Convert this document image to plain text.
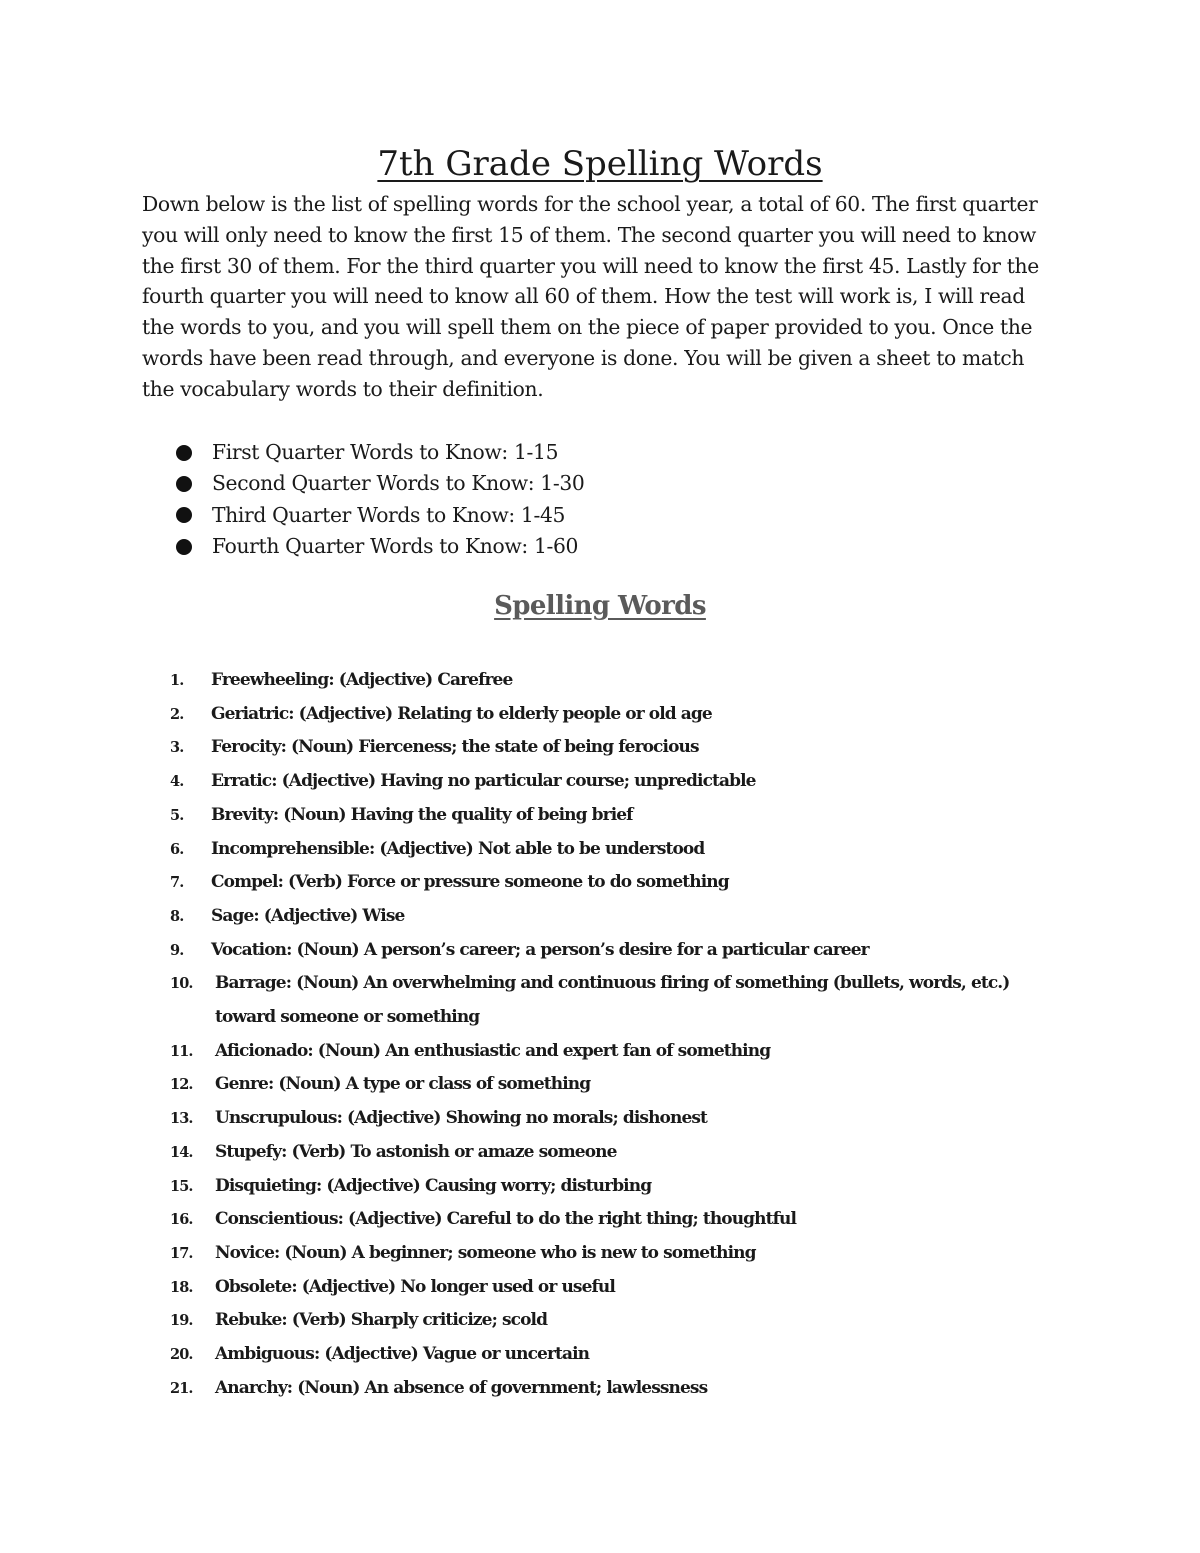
7th Grade Spelling Words

Down below is the list of spelling words for the school year, a total of 60. The first quarter you will only need to know the first 15 of them. The second quarter you will need to know the first 30 of them. For the third quarter you will need to know the first 45. Lastly for the fourth quarter you will need to know all 60 of them. How the test will work is, I will read the words to you, and you will spell them on the piece of paper provided to you. Once the words have been read through, and everyone is done. You will be given a sheet to match the vocabulary words to their definition.

First Quarter Words to Know: 1-15
Second Quarter Words to Know: 1-30
Third Quarter Words to Know: 1-45
Fourth Quarter Words to Know: 1-60
Spelling Words
1.	Freewheeling: (Adjective) Carefree
2.	Geriatric: (Adjective) Relating to elderly people or old age
3.	Ferocity: (Noun) Fierceness; the state of being ferocious
4.	Erratic: (Adjective) Having no particular course; unpredictable
5.	Brevity: (Noun) Having the quality of being brief
6.	Incomprehensible: (Adjective) Not able to be understood
7.	Compel: (Verb) Force or pressure someone to do something
8.	Sage: (Adjective) Wise
9.	Vocation: (Noun) A person’s career; a person’s desire for a particular career
10.	Barrage: (Noun) An overwhelming and continuous firing of something (bullets, words, etc.) toward someone or something
11.	Aficionado: (Noun) An enthusiastic and expert fan of something
12.	Genre: (Noun) A type or class of something
13.	Unscrupulous: (Adjective) Showing no morals; dishonest
14.	Stupefy: (Verb) To astonish or amaze someone
15.	Disquieting: (Adjective) Causing worry; disturbing
16.	Conscientious: (Adjective) Careful to do the right thing; thoughtful
17.	Novice: (Noun) A beginner; someone who is new to something
18.	Obsolete: (Adjective) No longer used or useful
19.	Rebuke: (Verb) Sharply criticize; scold
20.	Ambiguous: (Adjective) Vague or uncertain
21.	Anarchy: (Noun) An absence of government; lawlessness
